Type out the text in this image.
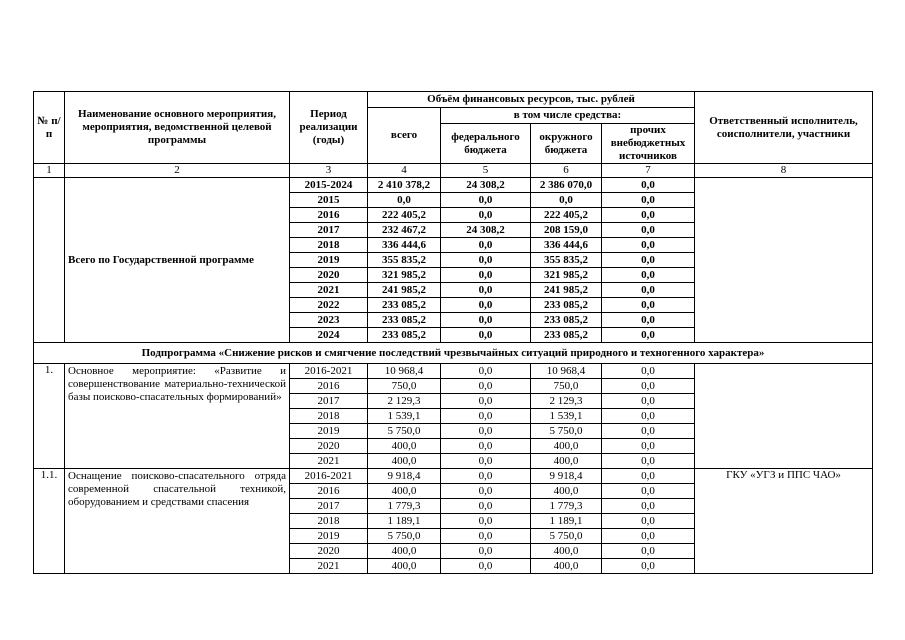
№ п/п	Наименование основного мероприятия, мероприятия, ведомственной целевой программы	Период реализации (годы)	Объём финансовых ресурсов, тыс. рублей				Ответственный исполнитель, соисполнители, участники
			всего	в том числе средства:			
				федерального бюджета	окружного бюджета	прочих внебюджетных источников	
1	2	3	4	5	6	7	8
	Всего по Государственной программе	2015-2024	2 410 378,2	24 308,2	2 386 070,0	0,0	
		2015	0,0	0,0	0,0	0,0	
		2016	222 405,2	0,0	222 405,2	0,0	
		2017	232 467,2	24 308,2	208 159,0	0,0	
		2018	336 444,6	0,0	336 444,6	0,0	
		2019	355 835,2	0,0	355 835,2	0,0	
		2020	321 985,2	0,0	321 985,2	0,0	
		2021	241 985,2	0,0	241 985,2	0,0	
		2022	233 085,2	0,0	233 085,2	0,0	
		2023	233 085,2	0,0	233 085,2	0,0	
		2024	233 085,2	0,0	233 085,2	0,0	
Подпрограмма «Снижение рисков и смягчение последствий чрезвычайных ситуаций природного и техногенного характера»							
1.	Основное мероприятие: «Развитие и совершенствование материально-технической базы поисково-спасательных формирований»	2016-2021	10 968,4	0,0	10 968,4	0,0	
		2016	750,0	0,0	750,0	0,0	
		2017	2 129,3	0,0	2 129,3	0,0	
		2018	1 539,1	0,0	1 539,1	0,0	
		2019	5 750,0	0,0	5 750,0	0,0	
		2020	400,0	0,0	400,0	0,0	
		2021	400,0	0,0	400,0	0,0	
1.1.	Оснащение поисково-спасательного отряда современной спасательной техникой, оборудованием и средствами спасения	2016-2021	9 918,4	0,0	9 918,4	0,0	ГКУ «УГЗ и ППС ЧАО»
		2016	400,0	0,0	400,0	0,0	
		2017	1 779,3	0,0	1 779,3	0,0	
		2018	1 189,1	0,0	1 189,1	0,0	
		2019	5 750,0	0,0	5 750,0	0,0	
		2020	400,0	0,0	400,0	0,0	
		2021	400,0	0,0	400,0	0,0	
